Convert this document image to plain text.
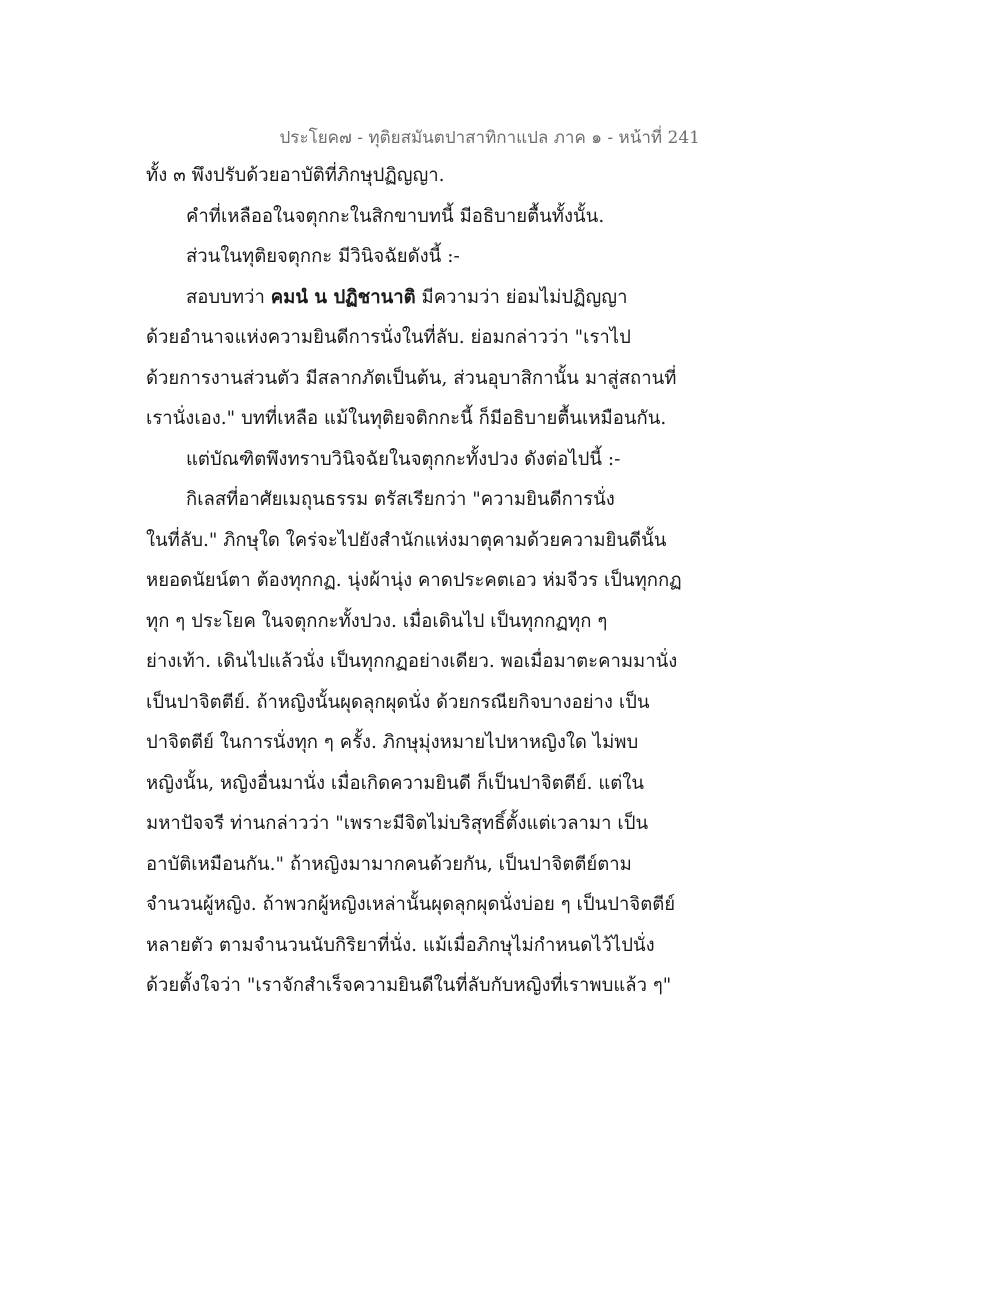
ประโยค๗ - ทุติยสมันตปาสาทิกาแปล ภาค ๑ - หน้าที่ 241
ทั้ง ๓ พึงปรับด้วยอาบัติที่ภิกษุปฏิญญา.
คำที่เหลืออในจตุกกะในสิกขาบทนี้ มีอธิบายตื้นทั้งนั้น.
ส่วนในทุติยจตุกกะ มีวินิจฉัยดังนี้ :-
สอบบทว่า คมนํ น ปฏิชานาติ มีความว่า ย่อมไม่ปฏิญญา
ด้วยอำนาจแห่งความยินดีการนั่งในที่ลับ. ย่อมกล่าวว่า "เราไป
ด้วยการงานส่วนตัว มีสลากภัตเป็นต้น, ส่วนอุบาสิกานั้น มาสู่สถานที่
เรานั่งเอง." บทที่เหลือ แม้ในทุติยจติกกะนี้ ก็มีอธิบายตื้นเหมือนกัน.
แต่บัณฑิตพึงทราบวินิจฉัยในจตุกกะทั้งปวง ดังต่อไปนี้ :-
กิเลสที่อาศัยเมถุนธรรม ตรัสเรียกว่า "ความยินดีการนั่ง
ในที่ลับ." ภิกษุใด ใคร่จะไปยังสำนักแห่งมาตุคามด้วยความยินดีนั้น
หยอดนัยน์ตา ต้องทุกกฏ. นุ่งผ้านุ่ง คาดประคตเอว ห่มจีวร เป็นทุกกฏ
ทุก ๆ ประโยค ในจตุกกะทั้งปวง. เมื่อเดินไป เป็นทุกกฏทุก ๆ
ย่างเท้า. เดินไปแล้วนั่ง เป็นทุกกฏอย่างเดียว. พอเมื่อมาตะคามมานั่ง
เป็นปาจิตตีย์. ถ้าหญิงนั้นผุดลุกผุดนั่ง ด้วยกรณียกิจบางอย่าง เป็น
ปาจิตตีย์ ในการนั่งทุก ๆ ครั้ง. ภิกษุมุ่งหมายไปหาหญิงใด ไม่พบ
หญิงนั้น, หญิงอื่นมานั่ง เมื่อเกิดความยินดี ก็เป็นปาจิตตีย์. แต่ใน
มหาปัจจรี ท่านกล่าวว่า "เพราะมีจิตไม่บริสุทธิ์ตั้งแต่เวลามา เป็น
อาบัติเหมือนกัน." ถ้าหญิงมามากคนด้วยกัน, เป็นปาจิตตีย์ตาม
จำนวนผู้หญิง. ถ้าพวกผู้หญิงเหล่านั้นผุดลุกผุดนั่งบ่อย ๆ เป็นปาจิตตีย์
หลายตัว ตามจำนวนนับกิริยาที่นั่ง. แม้เมื่อภิกษุไม่กำหนดไว้ไปนั่ง
ด้วยตั้งใจว่า "เราจักสำเร็จความยินดีในที่ลับกับหญิงที่เราพบแล้ว ๆ"
